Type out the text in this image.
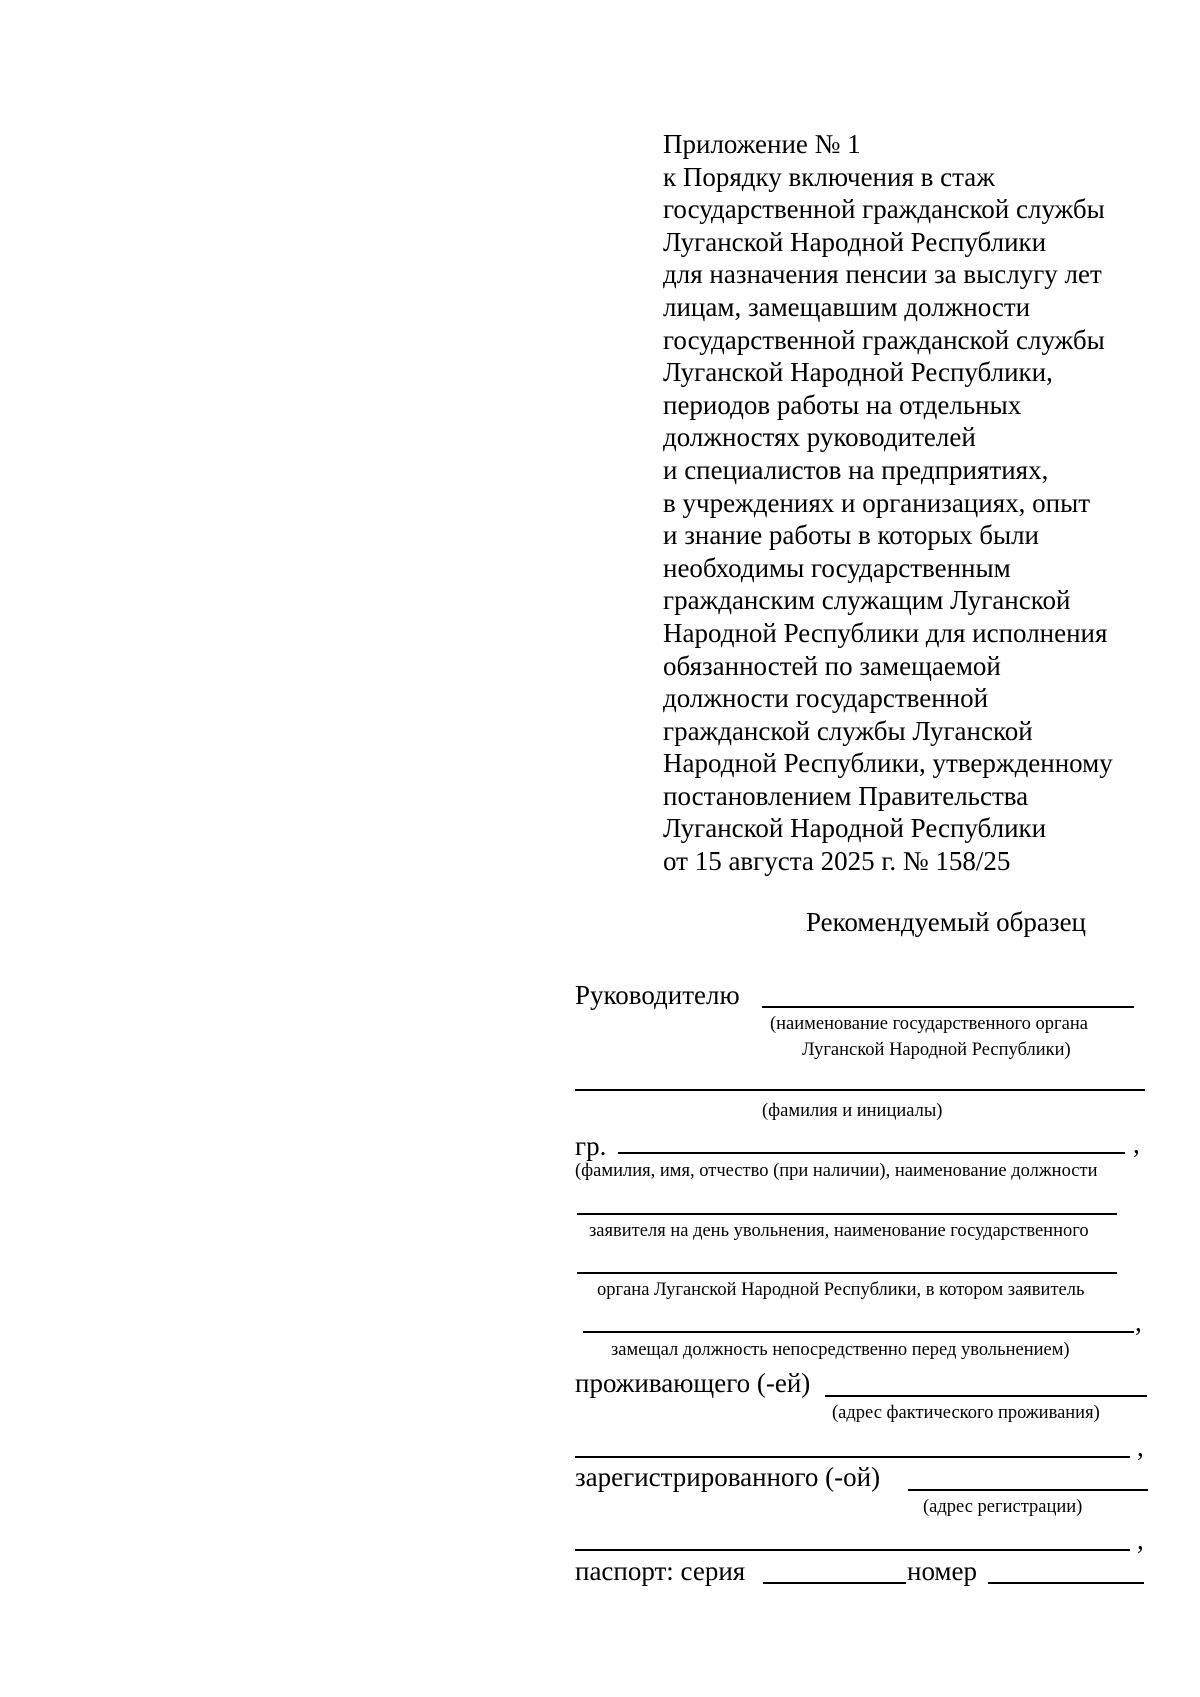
Приложение № 1
к Порядку включения в стаж
государственной гражданской службы
Луганской Народной Республики
для назначения пенсии за выслугу лет
лицам, замещавшим должности
государственной гражданской службы
Луганской Народной Республики,
периодов работы на отдельных
должностях руководителей
и специалистов на предприятиях,
в учреждениях и организациях, опыт
и знание работы в которых были
необходимы государственным
гражданским служащим Луганской
Народной Республики для исполнения
обязанностей по замещаемой
должности государственной
гражданской службы Луганской
Народной Республики, утвержденному
постановлением Правительства
Луганской Народной Республики
от 15 августа 2025 г. № 158/25
Рекомендуемый образец
Руководителю
(наименование государственного органа
Луганской Народной Республики)
(фамилия и инициалы)
гр.	,
(фамилия, имя, отчество (при наличии), наименование должности
заявителя на день увольнения, наименование государственного
органа Луганской Народной Республики, в котором заявитель
,
замещал должность непосредственно перед увольнением)
проживающего (-ей)
(адрес фактического проживания)
,
зарегистрированного (-ой)
(адрес регистрации)
,
паспорт: серия	номер
